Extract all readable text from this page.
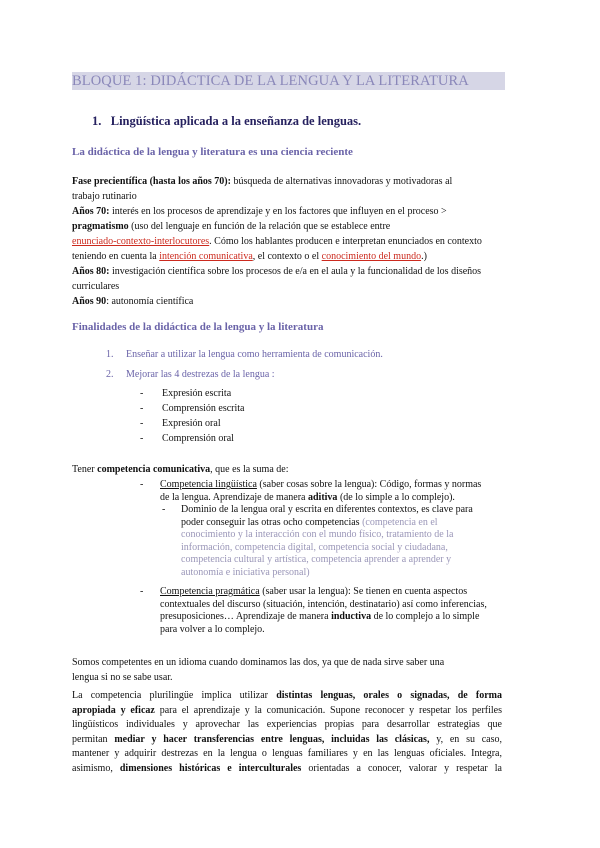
BLOQUE 1: DIDÁCTICA DE LA LENGUA Y LA LITERATURA
1. Lingüística aplicada a la enseñanza de lenguas.
La didáctica de la lengua y literatura es una ciencia reciente
Fase precientífica (hasta los años 70): búsqueda de alternativas innovadoras y motivadoras al
trabajo rutinario
Años 70: interés en los procesos de aprendizaje y en los factores que influyen en el proceso >
pragmatismo (uso del lenguaje en función de la relación que se establece entre
enunciado-contexto-interlocutores. Cómo los hablantes producen e interpretan enunciados en contexto
teniendo en cuenta la intención comunicativa, el contexto o el conocimiento del mundo.)
Años 80: investigación científica sobre los procesos de e/a en el aula y la funcionalidad de los diseños
curriculares
Años 90: autonomía científica
Finalidades de la didáctica de la lengua y la literatura
1. Enseñar a utilizar la lengua como herramienta de comunicación.
2. Mejorar las 4 destrezas de la lengua :
- Expresión escrita
- Comprensión escrita
- Expresión oral
- Comprensión oral
Tener competencia comunicativa, que es la suma de:
- Competencia lingüística (saber cosas sobre la lengua): Código, formas y normas
de la lengua. Aprendizaje de manera aditiva (de lo simple a lo complejo).
- Dominio de la lengua oral y escrita en diferentes contextos, es clave para
poder conseguir las otras ocho competencias (competencia en el
conocimiento y la interacción con el mundo físico, tratamiento de la
información, competencia digital, competencia social y ciudadana,
competencia cultural y artística, competencia aprender a aprender y
autonomía e iniciativa personal)
- Competencia pragmática (saber usar la lengua): Se tienen en cuenta aspectos
contextuales del discurso (situación, intención, destinatario) así como inferencias,
presuposiciones… Aprendizaje de manera inductiva de lo complejo a lo simple
para volver a lo complejo.
Somos competentes en un idioma cuando dominamos las dos, ya que de nada sirve saber una
lengua si no se sabe usar.
La competencia plurilingüe implica utilizar distintas lenguas, orales o signadas, de forma
apropiada y eficaz para el aprendizaje y la comunicación. Supone reconocer y respetar los perfiles
lingüísticos individuales y aprovechar las experiencias propias para desarrollar estrategias que
permitan mediar y hacer transferencias entre lenguas, incluidas las clásicas, y, en su caso,
mantener y adquirir destrezas en la lengua o lenguas familiares y en las lenguas oficiales. Integra,
asimismo, dimensiones históricas e interculturales orientadas a conocer, valorar y respetar la
